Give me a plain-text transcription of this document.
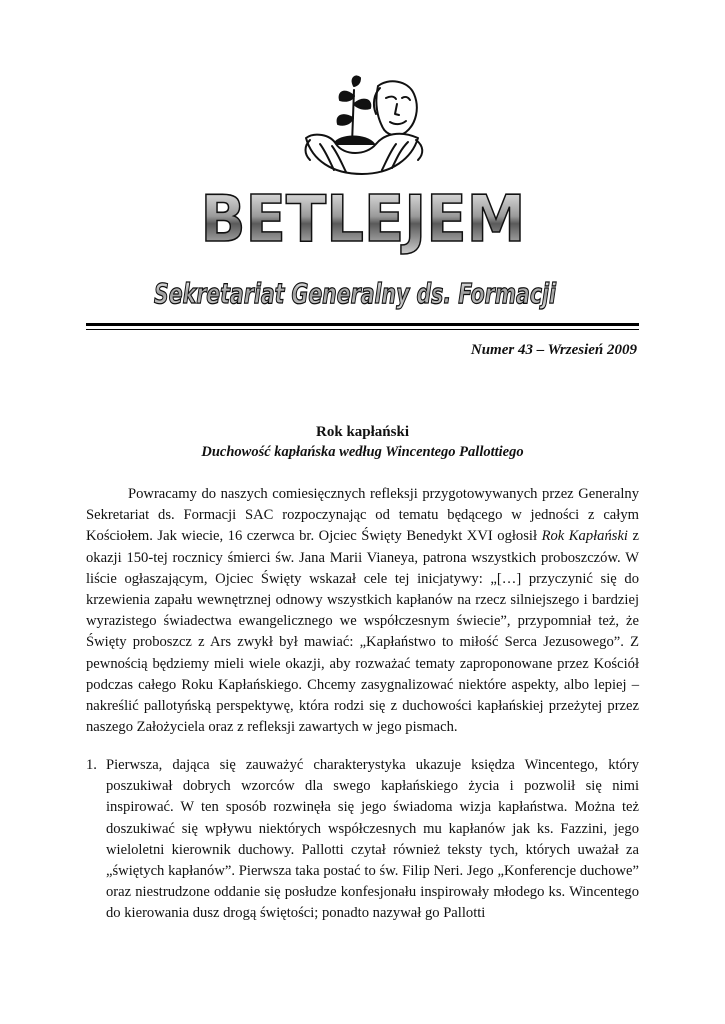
BETLEJEM
Sekretariat Generalny ds. Formacji
Numer 43 – Wrzesień 2009
Rok kapłański
Duchowość kapłańska według Wincentego Pallottiego

Powracamy do naszych comiesięcznych refleksji przygotowywanych przez Generalny Sekretariat ds. Formacji SAC rozpoczynając od tematu będącego w jedności z całym Kościołem. Jak wiecie, 16 czerwca br. Ojciec Święty Benedykt XVI ogłosił Rok Kapłański z okazji 150-tej rocznicy śmierci św. Jana Marii Vianeya, patrona wszystkich proboszczów. W liście ogłaszającym, Ojciec Święty wskazał cele tej inicjatywy: „[…] przyczynić się do krzewienia zapału wewnętrznej odnowy wszystkich kapłanów na rzecz silniejszego i bardziej wyrazistego świadectwa ewangelicznego we współczesnym świecie”, przypomniał też, że Święty proboszcz z Ars zwykł był mawiać: „Kapłaństwo to miłość Serca Jezusowego”. Z pewnością będziemy mieli wiele okazji, aby rozważać tematy zaproponowane przez Kościół podczas całego Roku Kapłańskiego. Chcemy zasygnalizować niektóre aspekty, albo lepiej – nakreślić pallotyńską perspektywę, która rodzi się z duchowości kapłańskiej przeżytej przez naszego Założyciela oraz z refleksji zawartych w jego pismach.

1. Pierwsza, dająca się zauważyć charakterystyka ukazuje księdza Wincentego, który poszukiwał dobrych wzorców dla swego kapłańskiego życia i pozwolił się nimi inspirować. W ten sposób rozwinęła się jego świadoma wizja kapłaństwa. Można też doszukiwać się wpływu niektórych współczesnych mu kapłanów jak ks. Fazzini, jego wieloletni kierownik duchowy. Pallotti czytał również teksty tych, których uważał za „świętych kapłanów”. Pierwsza taka postać to św. Filip Neri. Jego „Konferencje duchowe” oraz niestrudzone oddanie się posłudze konfesjonału inspirowały młodego ks. Wincentego do kierowania dusz drogą świętości; ponadto nazywał go Pallotti
